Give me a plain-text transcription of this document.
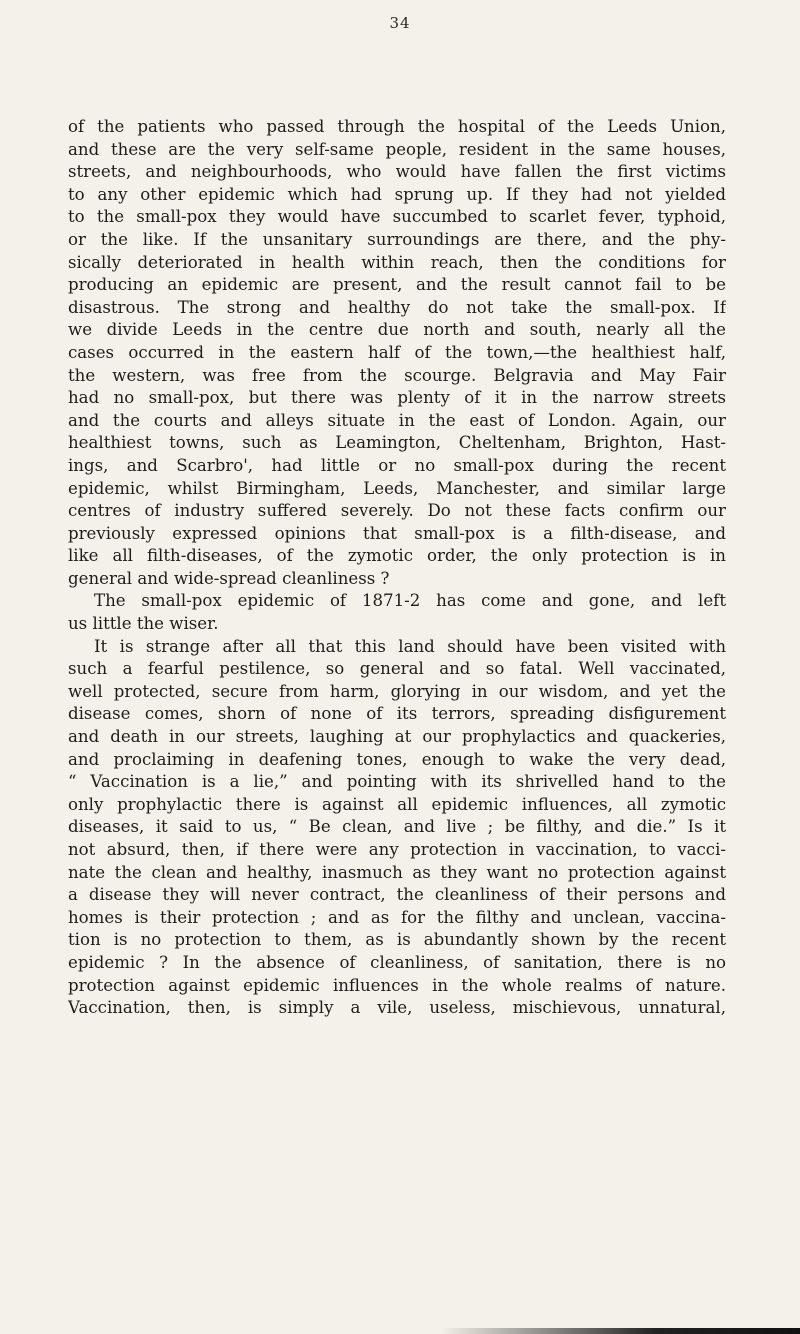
34
of the patients who passed through the hospital of the Leeds Union,
and these are the very self-same people, resident in the same houses,
streets, and neighbourhoods, who would have fallen the first victims
to any other epidemic which had sprung up. If they had not yielded
to the small-pox they would have succumbed to scarlet fever, typhoid,
or the like. If the unsanitary surroundings are there, and the phy-
sically deteriorated in health within reach, then the conditions for
producing an epidemic are present, and the result cannot fail to be
disastrous. The strong and healthy do not take the small-pox. If
we divide Leeds in the centre due north and south, nearly all the
cases occurred in the eastern half of the town,—the healthiest half,
the western, was free from the scourge. Belgravia and May Fair
had no small-pox, but there was plenty of it in the narrow streets
and the courts and alleys situate in the east of London. Again, our
healthiest towns, such as Leamington, Cheltenham, Brighton, Hast-
ings, and Scarbro', had little or no small-pox during the recent
epidemic, whilst Birmingham, Leeds, Manchester, and similar large
centres of industry suffered severely. Do not these facts confirm our
previously expressed opinions that small-pox is a filth-disease, and
like all filth-diseases, of the zymotic order, the only protection is in
general and wide-spread cleanliness ?
The small-pox epidemic of 1871-2 has come and gone, and left
us little the wiser.
It is strange after all that this land should have been visited with
such a fearful pestilence, so general and so fatal. Well vaccinated,
well protected, secure from harm, glorying in our wisdom, and yet the
disease comes, shorn of none of its terrors, spreading disfigurement
and death in our streets, laughing at our prophylactics and quackeries,
and proclaiming in deafening tones, enough to wake the very dead,
“ Vaccination is a lie,” and pointing with its shrivelled hand to the
only prophylactic there is against all epidemic influences, all zymotic
diseases, it said to us, “ Be clean, and live ; be filthy, and die.” Is it
not absurd, then, if there were any protection in vaccination, to vacci-
nate the clean and healthy, inasmuch as they want no protection against
a disease they will never contract, the cleanliness of their persons and
homes is their protection ; and as for the filthy and unclean, vaccina-
tion is no protection to them, as is abundantly shown by the recent
epidemic ? In the absence of cleanliness, of sanitation, there is no
protection against epidemic influences in the whole realms of nature.
Vaccination, then, is simply a vile, useless, mischievous, unnatural,
